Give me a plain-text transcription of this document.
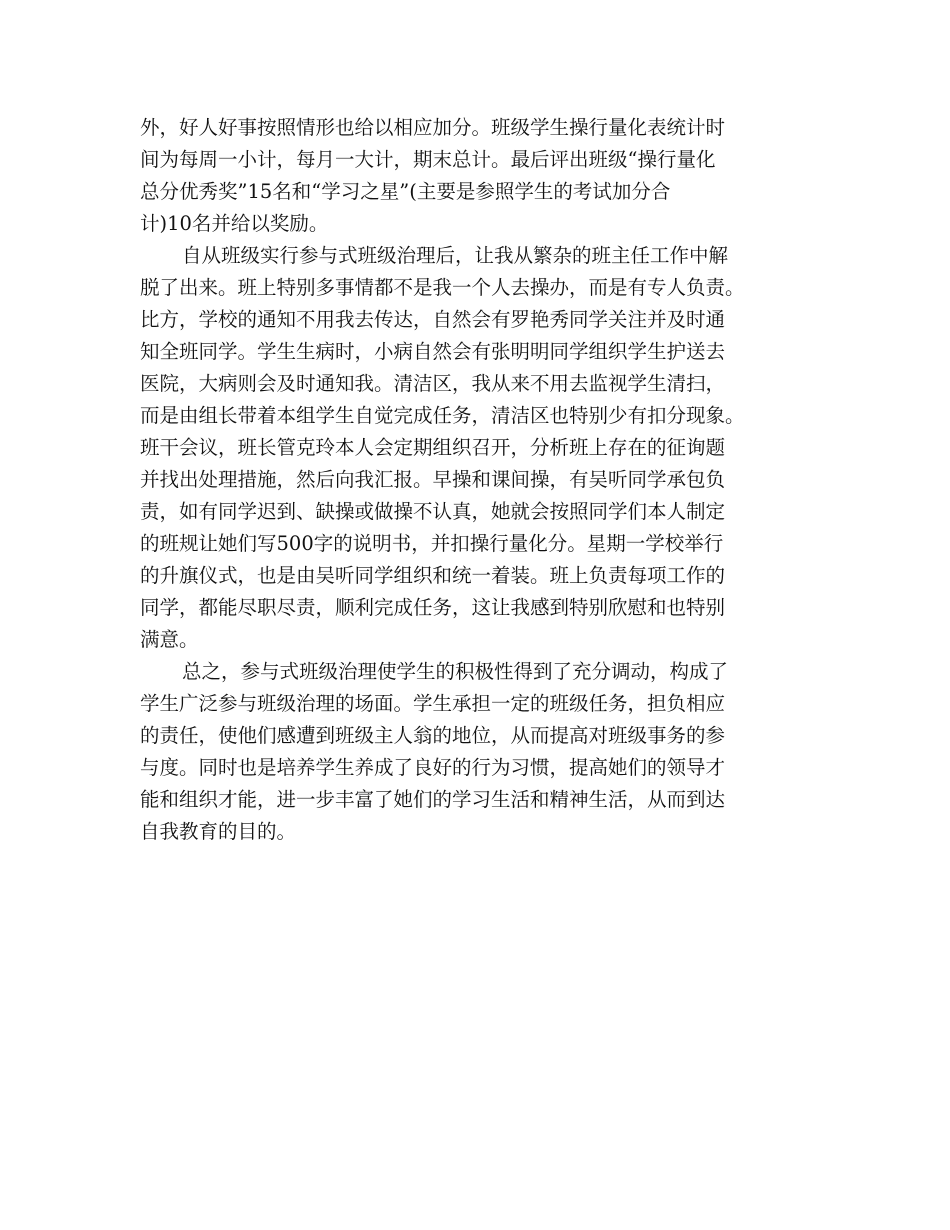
外，好人好事按照情形也给以相应加分。班级学生操行量化表统计时
间为每周一小计，每月一大计，期末总计。最后评出班级“操行量化
总分优秀奖”15名和“学习之星”(主要是参照学生的考试加分合
计)10名并给以奖励。
自从班级实行参与式班级治理后，让我从繁杂的班主任工作中解
脱了出来。班上特别多事情都不是我一个人去操办，而是有专人负责。
比方，学校的通知不用我去传达，自然会有罗艳秀同学关注并及时通
知全班同学。学生生病时，小病自然会有张明明同学组织学生护送去
医院，大病则会及时通知我。清洁区，我从来不用去监视学生清扫，
而是由组长带着本组学生自觉完成任务，清洁区也特别少有扣分现象。
班干会议，班长管克玲本人会定期组织召开，分析班上存在的征询题
并找出处理措施，然后向我汇报。早操和课间操，有吴听同学承包负
责，如有同学迟到、缺操或做操不认真，她就会按照同学们本人制定
的班规让她们写500字的说明书，并扣操行量化分。星期一学校举行
的升旗仪式，也是由吴听同学组织和统一着装。班上负责每项工作的
同学，都能尽职尽责，顺利完成任务，这让我感到特别欣慰和也特别
满意。
总之，参与式班级治理使学生的积极性得到了充分调动，构成了
学生广泛参与班级治理的场面。学生承担一定的班级任务，担负相应
的责任，使他们感遭到班级主人翁的地位，从而提高对班级事务的参
与度。同时也是培养学生养成了良好的行为习惯，提高她们的领导才
能和组织才能，进一步丰富了她们的学习生活和精神生活，从而到达
自我教育的目的。
